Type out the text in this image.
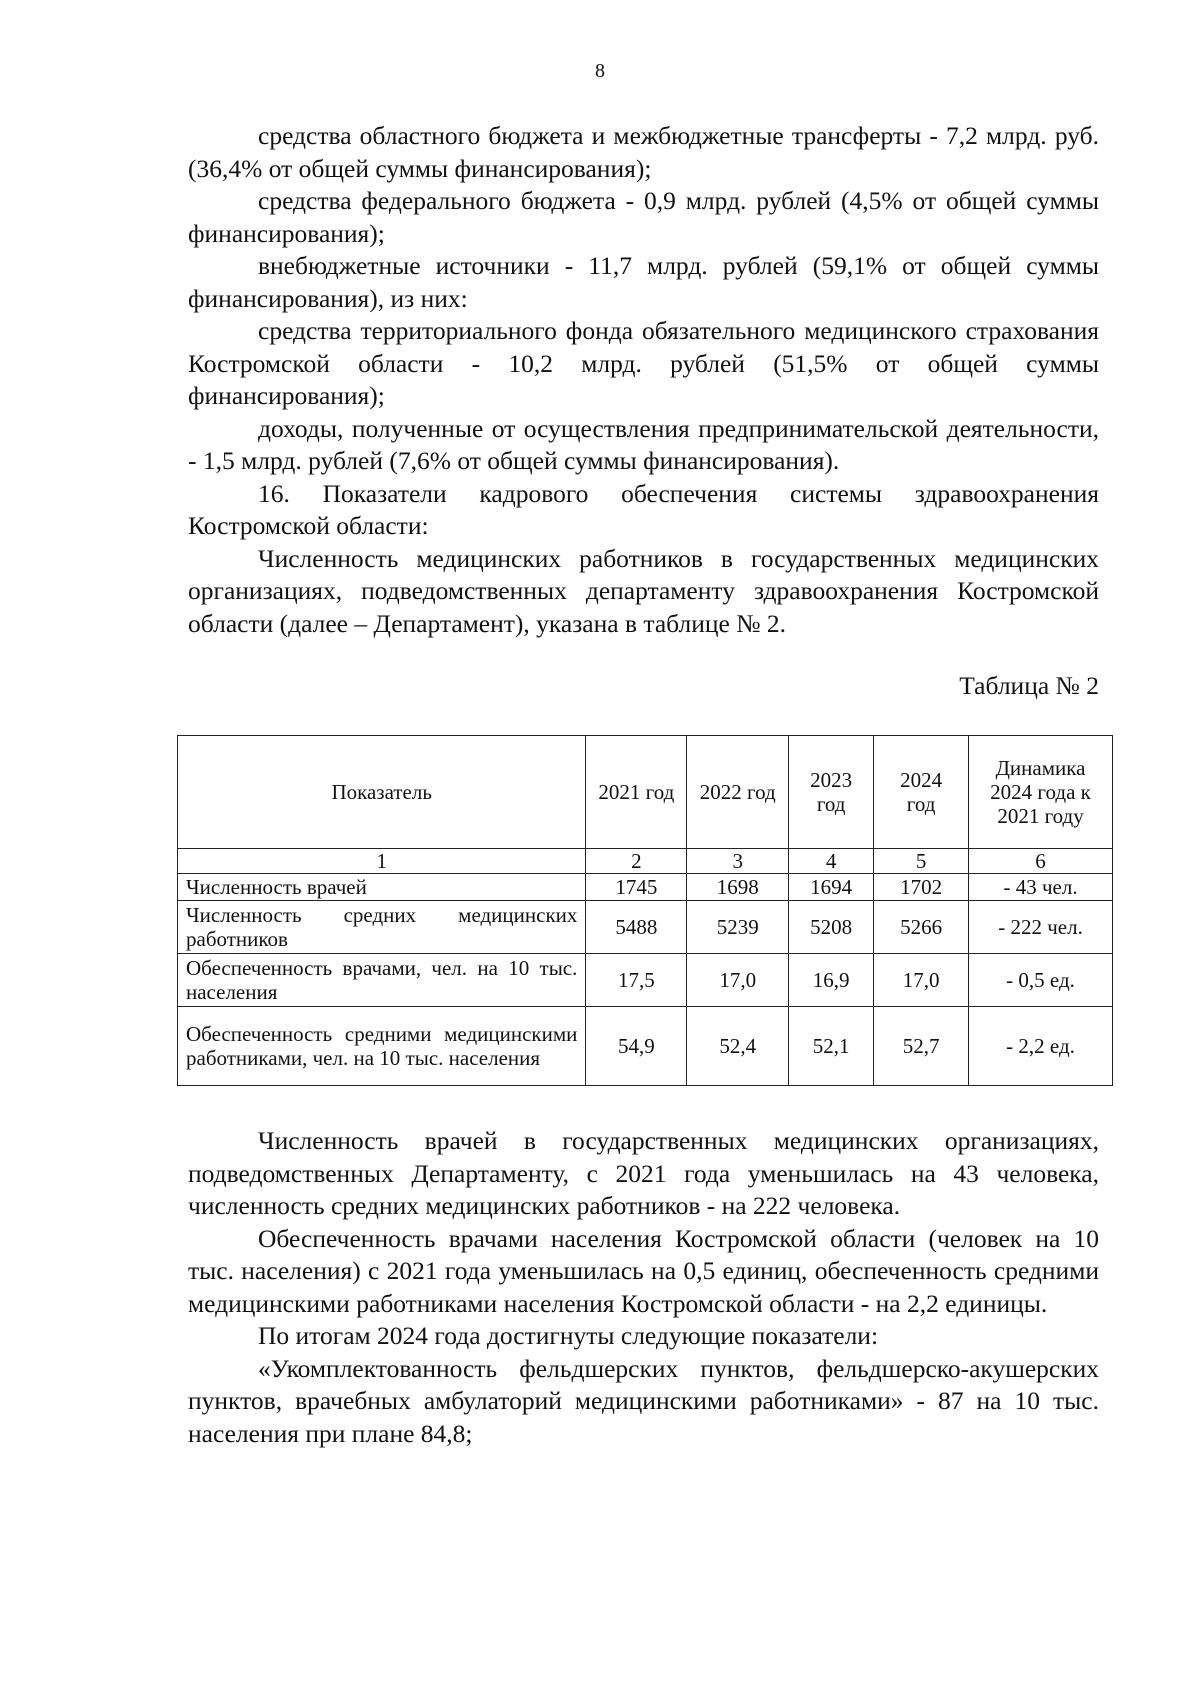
8

средства областного бюджета и межбюджетные трансферты - 7,2 млрд. руб. (36,4% от общей суммы финансирования);

средства федерального бюджета - 0,9 млрд. рублей (4,5% от общей суммы финансирования);

внебюджетные источники - 11,7 млрд. рублей (59,1% от общей суммы финансирования), из них:

средства территориального фонда обязательного медицинского страхования Костромской области - 10,2 млрд. рублей (51,5% от общей суммы финансирования);

доходы, полученные от осуществления предпринимательской деятельности, - 1,5 млрд. рублей (7,6% от общей суммы финансирования).

16. Показатели кадрового обеспечения системы здравоохранения Костромской области:

Численность медицинских работников в государственных медицинских организациях, подведомственных департаменту здравоохранения Костромской области (далее – Департамент), указана в таблице № 2.

Таблица № 2
Показатель	2021 год	2022 год	2023 год	2024 год	Динамика 2024 года к 2021 году
1	2	3	4	5	6
Численность врачей	1745	1698	1694	1702	- 43 чел.
Численность средних медицинских работников	5488	5239	5208	5266	- 222 чел.
Обеспеченность врачами, чел. на 10 тыс. населения	17,5	17,0	16,9	17,0	- 0,5 ед.
Обеспеченность средними медицинскими работниками, чел. на 10 тыс. населения	54,9	52,4	52,1	52,7	- 2,2 ед.

Численность врачей в государственных медицинских организациях, подведомственных Департаменту, с 2021 года уменьшилась на 43 человека, численность средних медицинских работников - на 222 человека.

Обеспеченность врачами населения Костромской области (человек на 10 тыс. населения) с 2021 года уменьшилась на 0,5 единиц, обеспеченность средними медицинскими работниками населения Костромской области - на 2,2 единицы.

По итогам 2024 года достигнуты следующие показатели:

«Укомплектованность фельдшерских пунктов, фельдшерско-акушерских пунктов, врачебных амбулаторий медицинскими работниками» - 87 на 10 тыс. населения при плане 84,8;
